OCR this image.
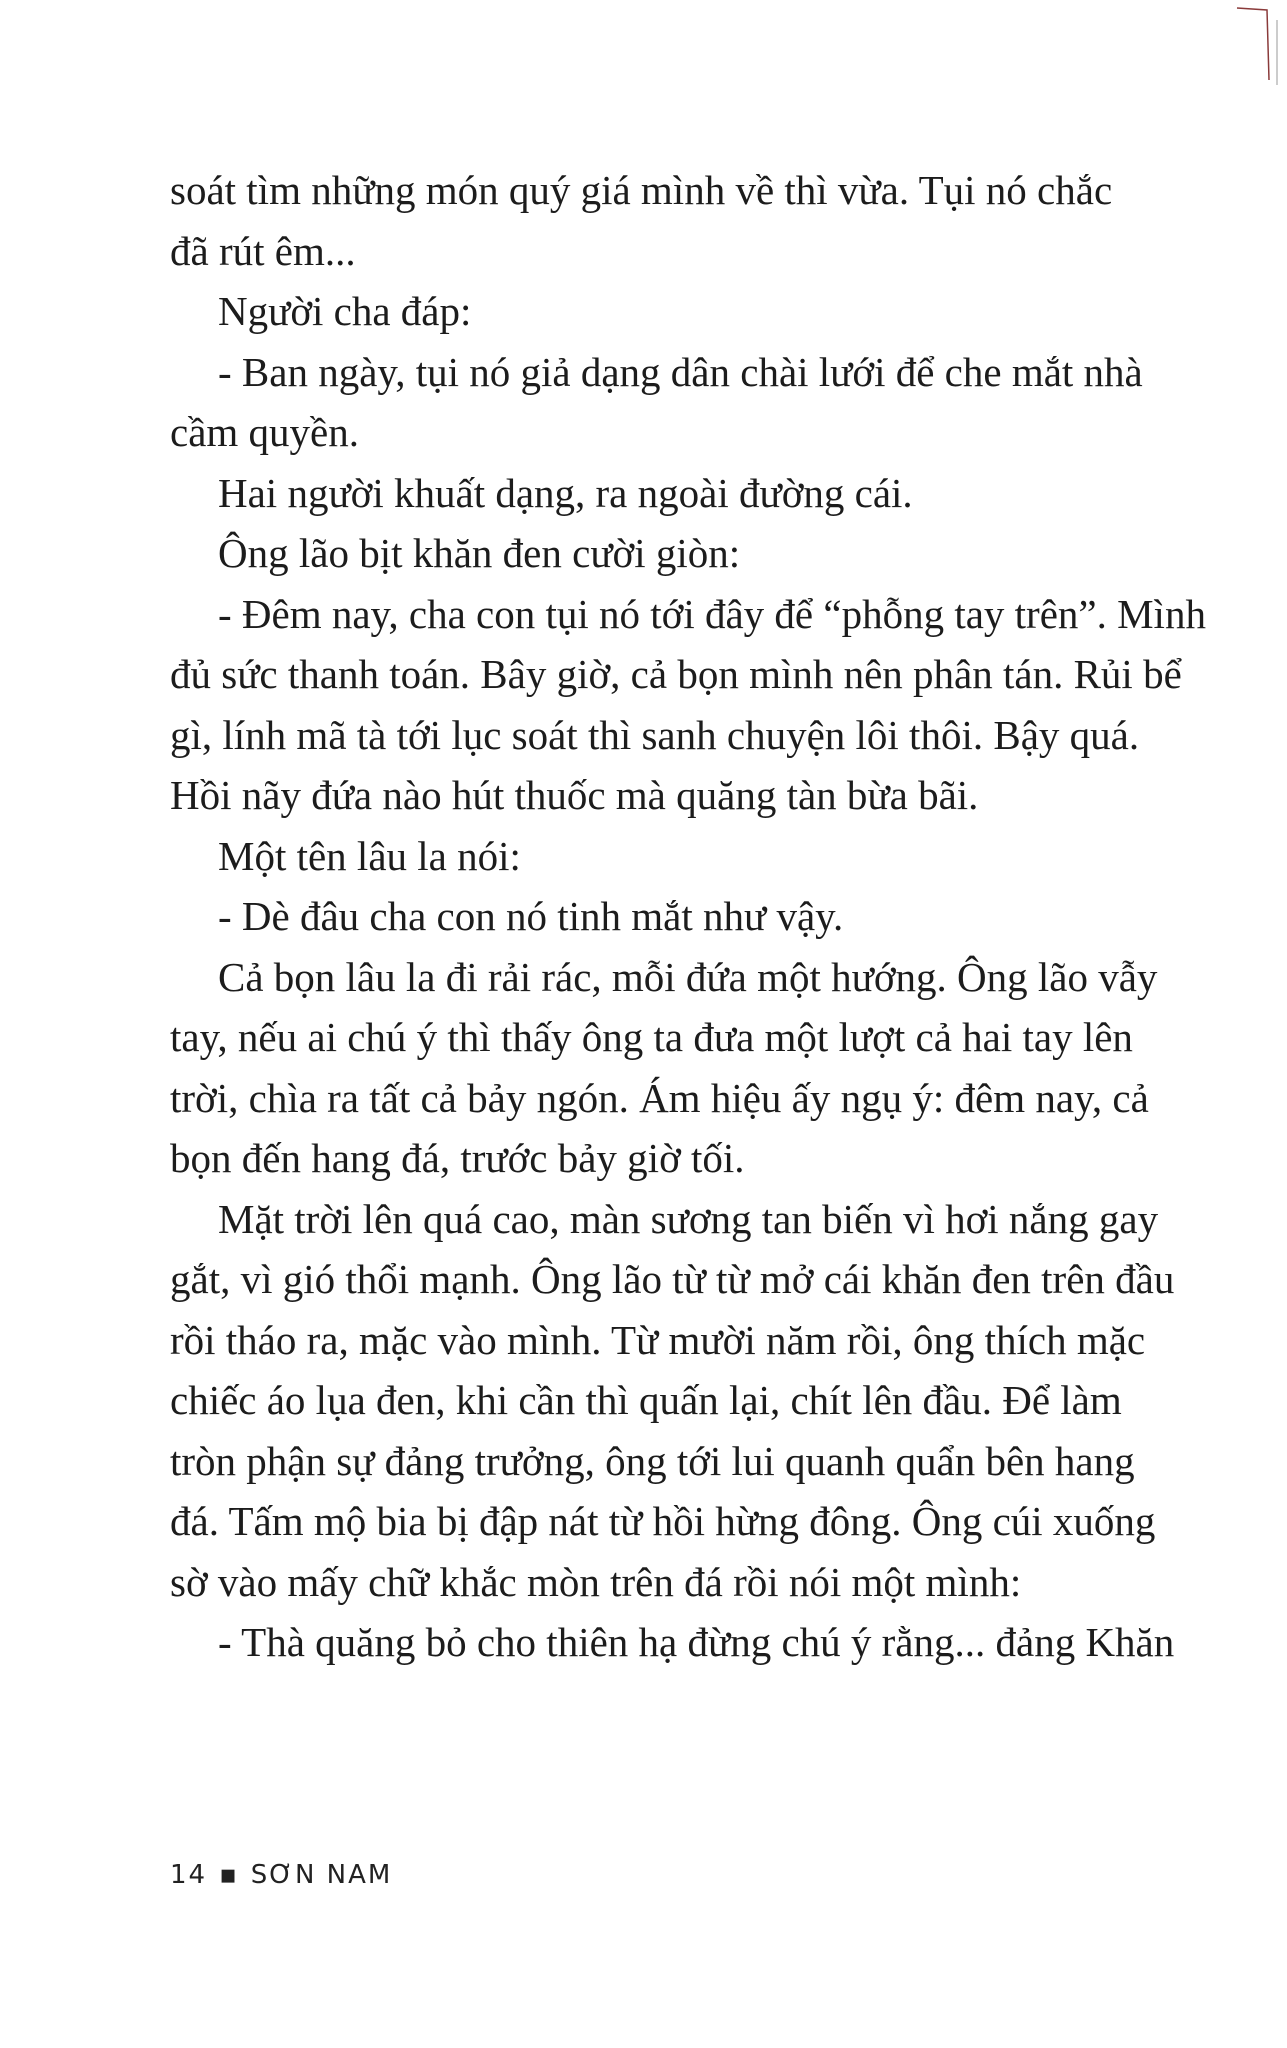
soát tìm những món quý giá mình về thì vừa. Tụi nó chắc
đã rút êm...
Người cha đáp:
- Ban ngày, tụi nó giả dạng dân chài lưới để che mắt nhà
cầm quyền.
Hai người khuất dạng, ra ngoài đường cái.
Ông lão bịt khăn đen cười giòn:
- Đêm nay, cha con tụi nó tới đây để “phỗng tay trên”. Mình
đủ sức thanh toán. Bây giờ, cả bọn mình nên phân tán. Rủi bể
gì, lính mã tà tới lục soát thì sanh chuyện lôi thôi. Bậy quá.
Hồi nãy đứa nào hút thuốc mà quăng tàn bừa bãi.
Một tên lâu la nói:
- Dè đâu cha con nó tinh mắt như vậy.
Cả bọn lâu la đi rải rác, mỗi đứa một hướng. Ông lão vẫy
tay, nếu ai chú ý thì thấy ông ta đưa một lượt cả hai tay lên
trời, chìa ra tất cả bảy ngón. Ám hiệu ấy ngụ ý: đêm nay, cả
bọn đến hang đá, trước bảy giờ tối.
Mặt trời lên quá cao, màn sương tan biến vì hơi nắng gay
gắt, vì gió thổi mạnh. Ông lão từ từ mở cái khăn đen trên đầu
rồi tháo ra, mặc vào mình. Từ mười năm rồi, ông thích mặc
chiếc áo lụa đen, khi cần thì quấn lại, chít lên đầu. Để làm
tròn phận sự đảng trưởng, ông tới lui quanh quẩn bên hang
đá. Tấm mộ bia bị đập nát từ hồi hừng đông. Ông cúi xuống
sờ vào mấy chữ khắc mòn trên đá rồi nói một mình:
- Thà quăng bỏ cho thiên hạ đừng chú ý rằng... đảng Khăn
14 ▪ SƠN NAM
